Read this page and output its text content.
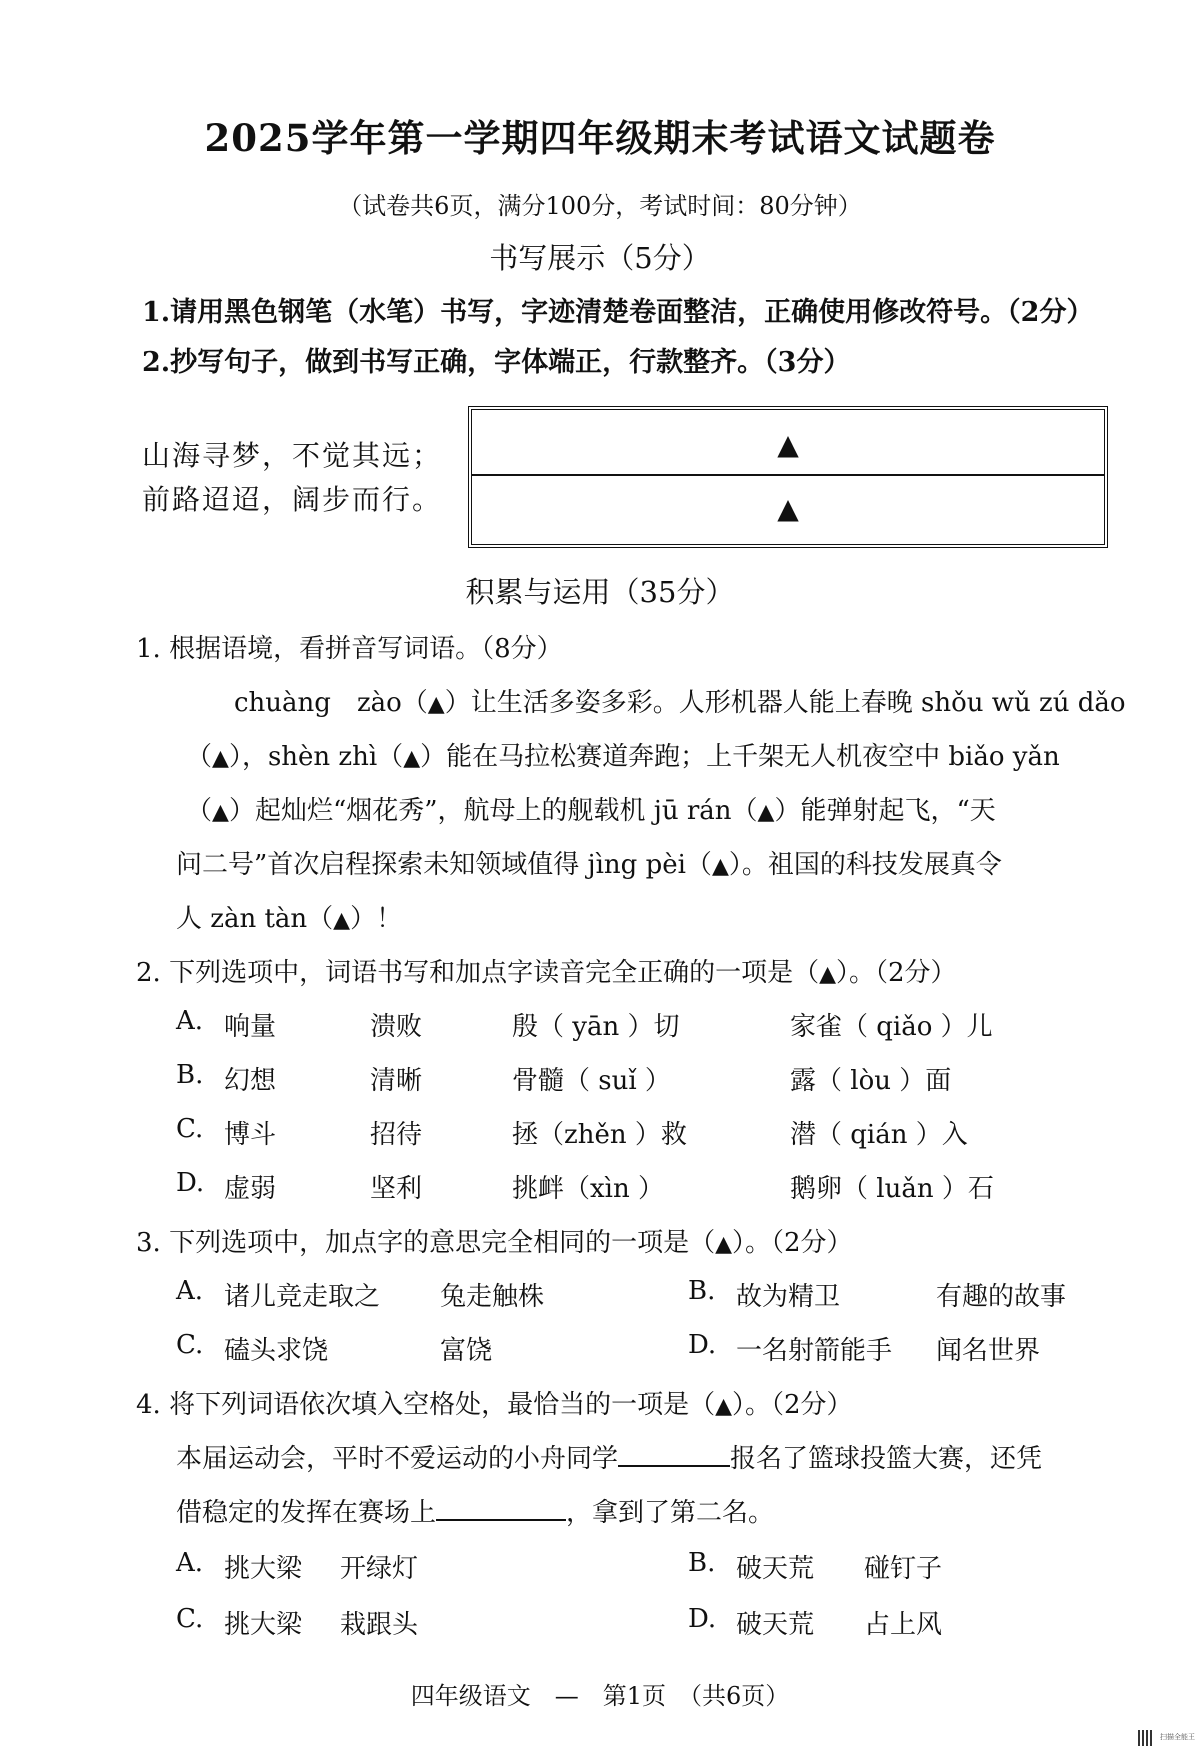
2025学年第一学期四年级期末考试语文试题卷
（试卷共6页，满分100分，考试时间：80分钟）
书写展示（5分）
1.请用黑色钢笔（水笔）书写，字迹清楚卷面整洁，正确使用修改符号。（2分）
2.抄写句子，做到书写正确，字体端正，行款整齐。（3分）
山海寻梦，不觉其远；
前路迢迢，阔步而行。
▲
▲
积累与运用（35分）
1. 根据语境，看拼音写词语。（8分）
chuàng　zào（▲）让生活多姿多彩。人形机器人能上春晚 shǒu wǔ zú dǎo
（▲），shèn zhì（▲）能在马拉松赛道奔跑；上千架无人机夜空中 biǎo yǎn
（▲）起灿烂“烟花秀”，航母上的舰载机 jū rán（▲）能弹射起飞，“天
问二号”首次启程探索未知领域值得 jìng pèi（▲）。祖国的科技发展真令
人 zàn tàn（▲）！
2. 下列选项中，词语书写和加点字读音完全正确的一项是（▲）。（2分）
A. 响量	溃败	殷（ yān ）切	家雀（ qiǎo ）儿
B. 幻想	清晰	骨髓（ suǐ ）	露（ lòu ）面
C. 博斗	招待	拯（zhěn ）救	潜（ qián ）入
D. 虚弱	坚利	挑衅（xìn ）	鹅卵（ luǎn ）石
3. 下列选项中，加点字的意思完全相同的一项是（▲）。（2分）
A. 诸儿竞走取之 兔走触株	B. 故为精卫	有趣的故事
C. 磕头求饶	富饶	D. 一名射箭能手 闻名世界
4. 将下列词语依次填入空格处，最恰当的一项是（▲）。（2分）
本届运动会，平时不爱运动的小舟同学	报名了篮球投篮大赛，还凭
借稳定的发挥在赛场上	，拿到了第二名。
A. 挑大梁 开绿灯	B. 破天荒 碰钉子
C. 挑大梁 栽跟头	D. 破天荒 占上风
四年级语文　—　第1页　（共6页）
扫描全能王
